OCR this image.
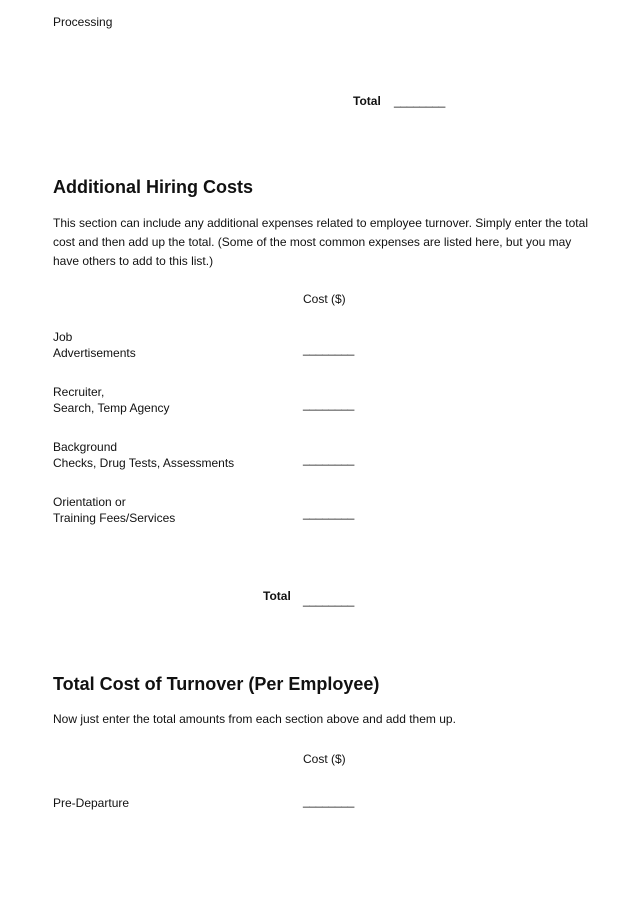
Processing
Total ________
Additional Hiring Costs
This section can include any additional expenses related to employee turnover. Simply enter the total cost and then add up the total. (Some of the most common expenses are listed here, but you may have others to add to this list.)
Cost ($)
Job
Advertisements	________
Recruiter,
Search, Temp Agency	________
Background
Checks, Drug Tests, Assessments	________
Orientation or
Training Fees/Services	________
Total ________
Total Cost of Turnover (Per Employee)
Now just enter the total amounts from each section above and add them up.
Cost ($)
Pre-Departure	________
